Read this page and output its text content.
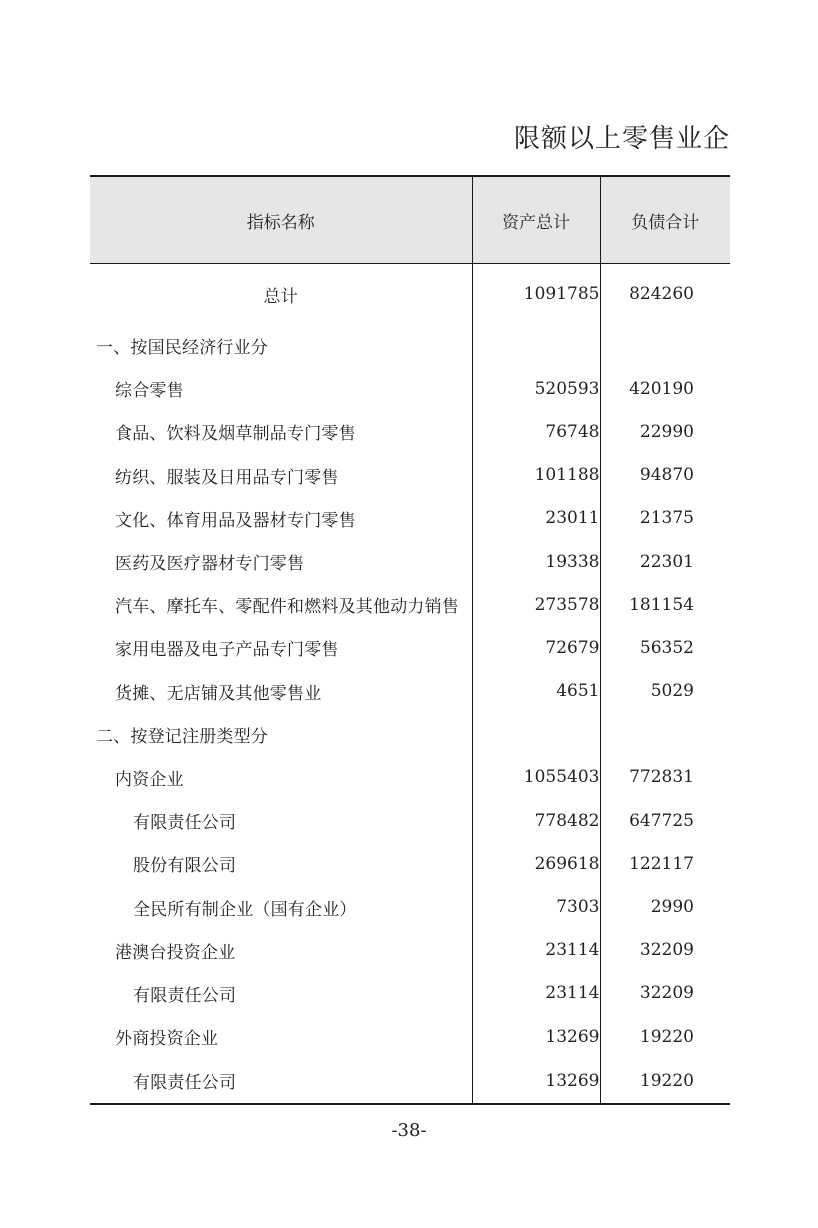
限额以上零售业企
指标名称	资产总计	负债合计
总计	1091785	824260
一、按国民经济行业分		
综合零售	520593	420190
食品、饮料及烟草制品专门零售	76748	22990
纺织、服装及日用品专门零售	101188	94870
文化、体育用品及器材专门零售	23011	21375
医药及医疗器材专门零售	19338	22301
汽车、摩托车、零配件和燃料及其他动力销售	273578	181154
家用电器及电子产品专门零售	72679	56352
货摊、无店铺及其他零售业	4651	5029
二、按登记注册类型分		
内资企业	1055403	772831
有限责任公司	778482	647725
股份有限公司	269618	122117
全民所有制企业（国有企业）	7303	2990
港澳台投资企业	23114	32209
有限责任公司	23114	32209
外商投资企业	13269	19220
有限责任公司	13269	19220
-38-
